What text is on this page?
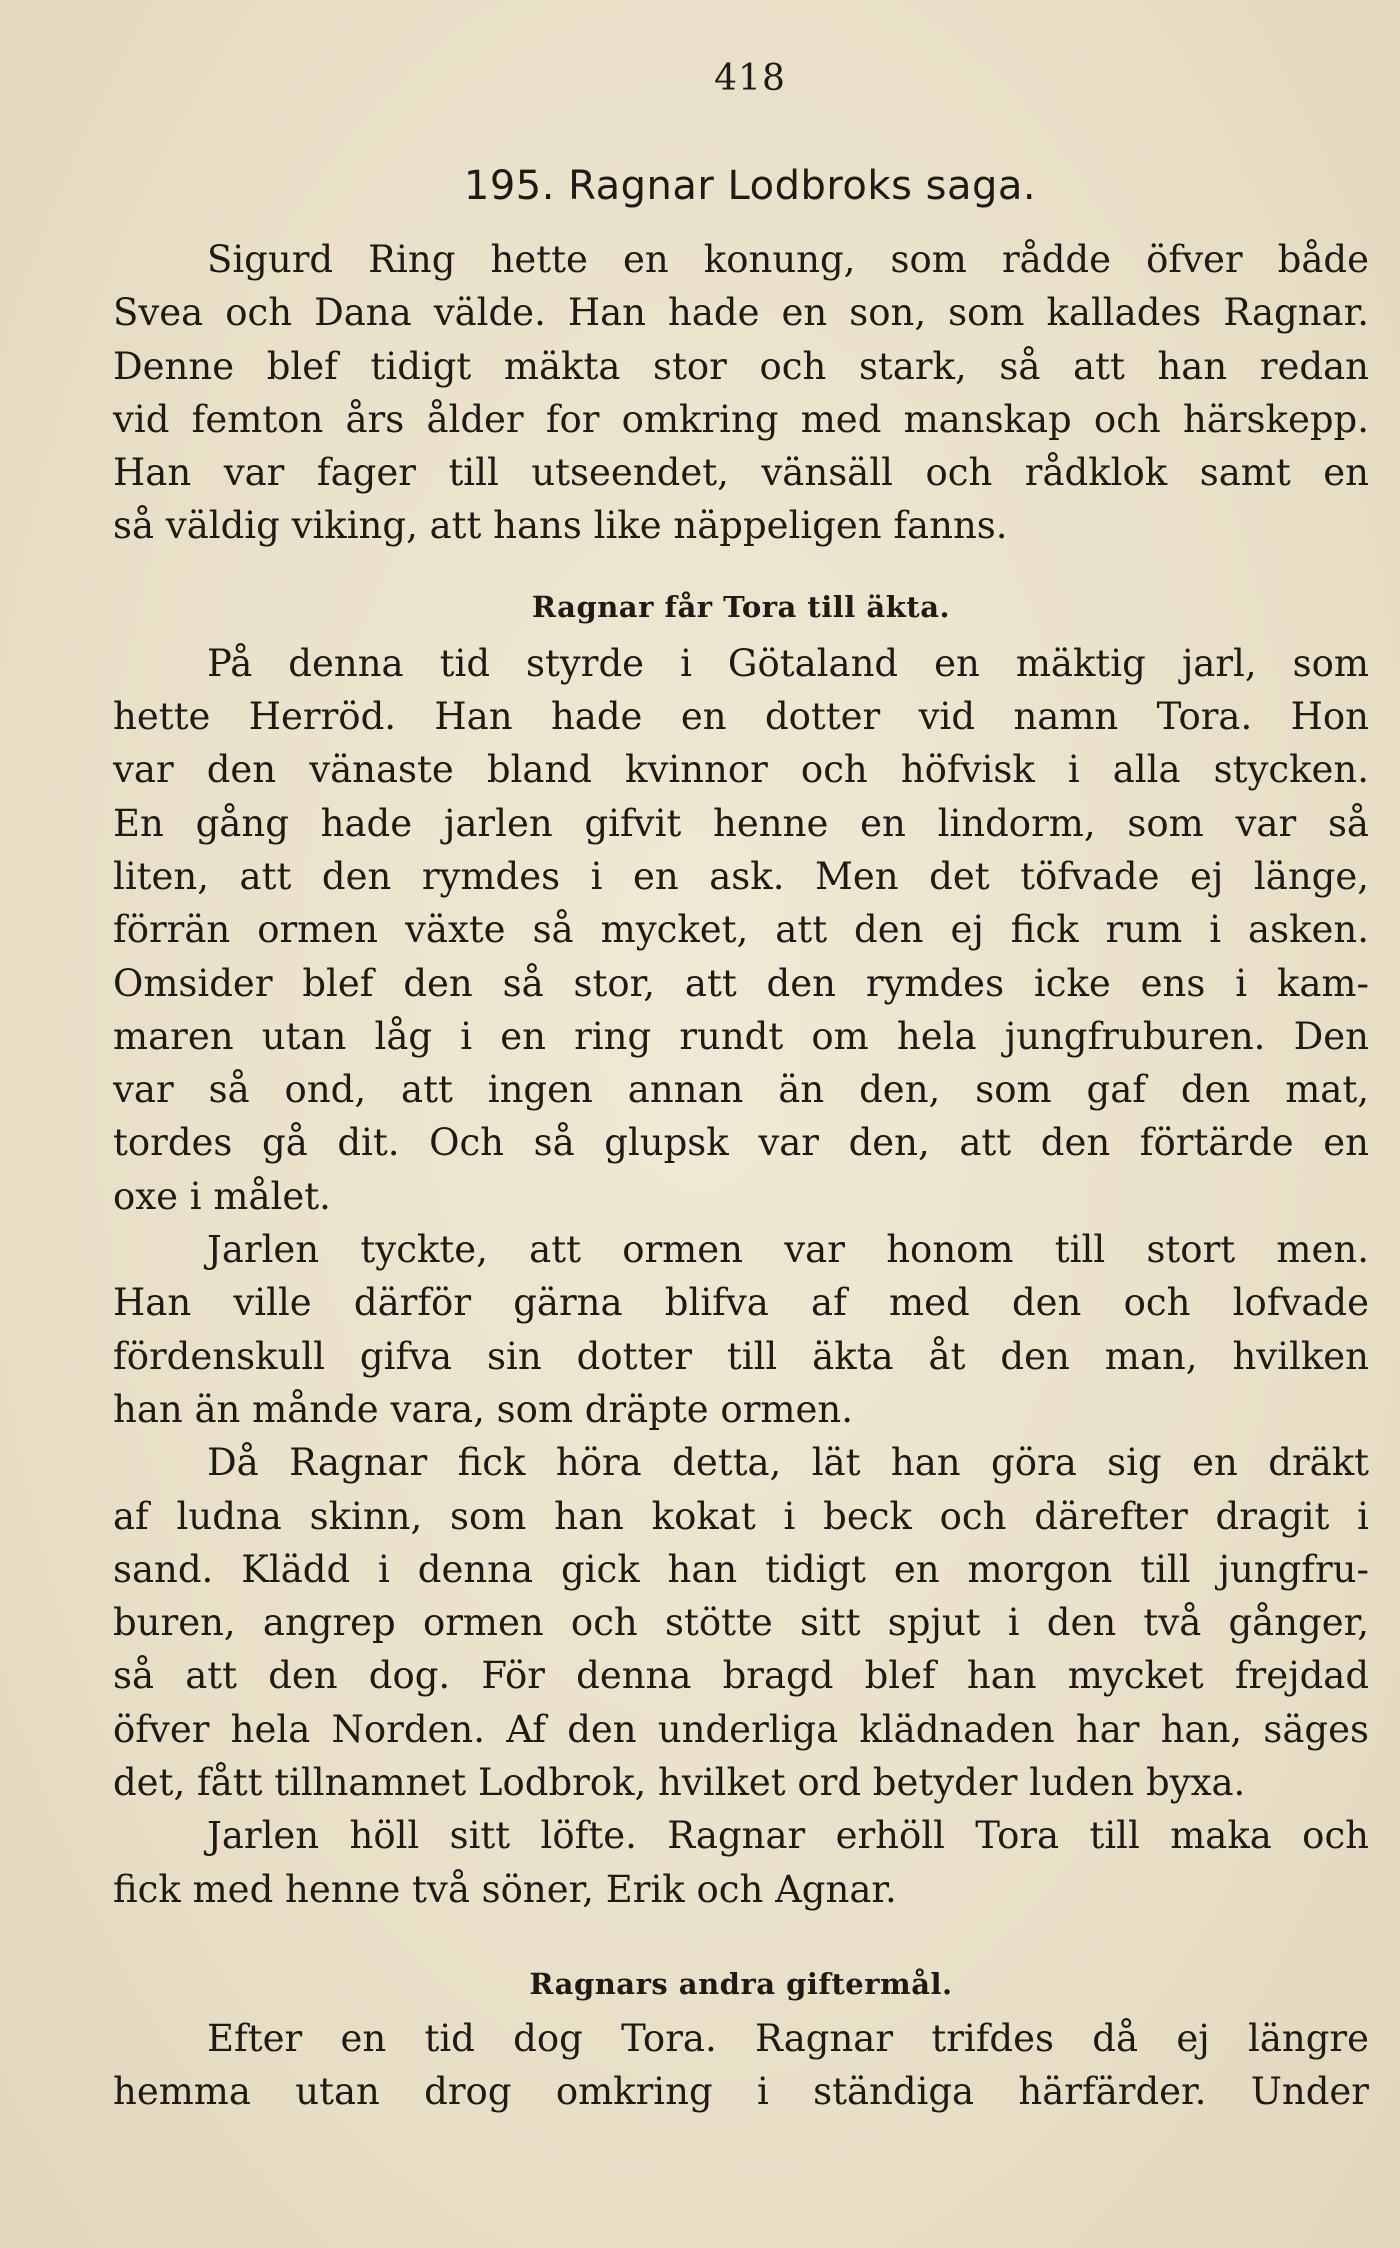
418
195. Ragnar Lodbroks saga.
Sigurd Ring hette en konung, som rådde öfver både
Svea och Dana välde. Han hade en son, som kallades Ragnar.
Denne blef tidigt mäkta stor och stark, så att han redan
vid femton års ålder for omkring med manskap och härskepp.
Han var fager till utseendet, vänsäll och rådklok samt en
så väldig viking, att hans like näppeligen fanns.
Ragnar får Tora till äkta.
På denna tid styrde i Götaland en mäktig jarl, som
hette Herröd. Han hade en dotter vid namn Tora. Hon
var den vänaste bland kvinnor och höfvisk i alla stycken.
En gång hade jarlen gifvit henne en lindorm, som var så
liten, att den rymdes i en ask. Men det töfvade ej länge,
förrän ormen växte så mycket, att den ej fick rum i asken.
Omsider blef den så stor, att den rymdes icke ens i kam-
maren utan låg i en ring rundt om hela jungfruburen. Den
var så ond, att ingen annan än den, som gaf den mat,
tordes gå dit. Och så glupsk var den, att den förtärde en
oxe i målet.
Jarlen tyckte, att ormen var honom till stort men.
Han ville därför gärna blifva af med den och lofvade
fördenskull gifva sin dotter till äkta åt den man, hvilken
han än månde vara, som dräpte ormen.
Då Ragnar fick höra detta, lät han göra sig en dräkt
af ludna skinn, som han kokat i beck och därefter dragit i
sand. Klädd i denna gick han tidigt en morgon till jungfru-
buren, angrep ormen och stötte sitt spjut i den två gånger,
så att den dog. För denna bragd blef han mycket frejdad
öfver hela Norden. Af den underliga klädnaden har han, säges
det, fått tillnamnet Lodbrok, hvilket ord betyder luden byxa.
Jarlen höll sitt löfte. Ragnar erhöll Tora till maka och
fick med henne två söner, Erik och Agnar.
Ragnars andra giftermål.
Efter en tid dog Tora. Ragnar trifdes då ej längre
hemma utan drog omkring i ständiga härfärder. Under
